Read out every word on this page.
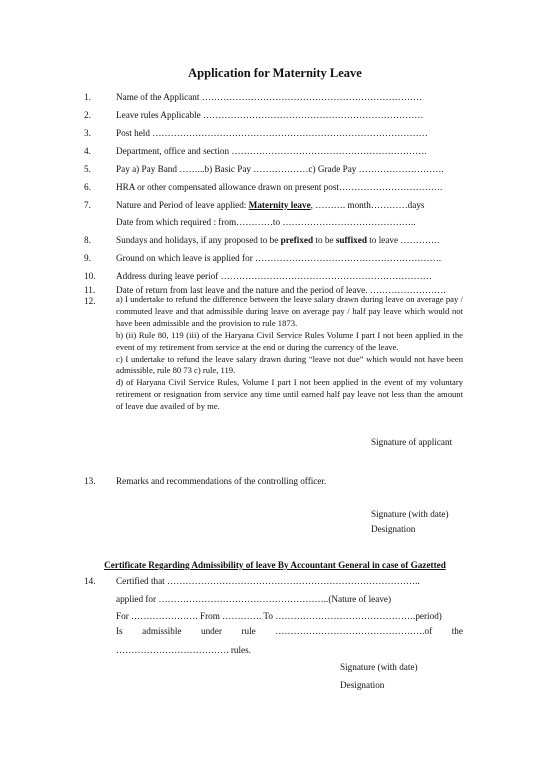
Application for Maternity Leave
1.	Name of the Applicant ………………………………………………………………
2.	Leave rules Applicable ………………………………………………………………
3.	Post held ………………………………………………………………………………
4.	Department, office and section ……………………………………………………….
5.	Pay a) Pay Band ……...b) Basic Pay ………………c) Grade Pay ……………………….
6.	HRA or other compensated allowance drawn on present post…………………………….
7.	Nature and Period of leave applied: Maternity leave, ………. month…………days
Date from which required : from…………to ……………………………………..
8.	Sundays and holidays, if any proposed to be prefixed to be suffixed to leave ………….
9.	Ground on which leave is applied for …………………………………………………….
10. Address during leave periof ……………………………………………………………
11. Date of return from last leave and the nature and the period of leave. …………………….
12. a) I undertake to refund the difference between the leave salary drawn during leave on average pay / commuted leave and that admissible during leave on average pay / half pay leave which would not have been admissible and the provision to rule 1873.

b) (ii) Rule 80, 119 (iii) of the Haryana Civil Service Rules Volume I part I not been applied in the event of my retirement from service at the end or during the currency of the leave.

c) I undertake to refund the leave salary drawn during “leave not due” which would not have been admissible, rule 80 73 c) rule, 119.

d) of Haryana Civil Service Rules, Volume I part I not been applied in the event of my voluntary retirement or resignation from service any time until earned half pay leave not less than the amount of leave due availed of by me.

Signature of applicant
13. Remarks and recommendations of the controlling officer.
Signature (with date)
Designation
Certificate Regarding Admissibility of leave By Accountant General in case of Gazetted
14. Certified that ………………………………………………………………………..
applied for ………………………………………………..(Nature of leave)
For …………………. From …………. To ……………………………………….period)
Is admissible under rule ………………………………………….of the
………………………………. rules.
Signature (with date)
Designation
